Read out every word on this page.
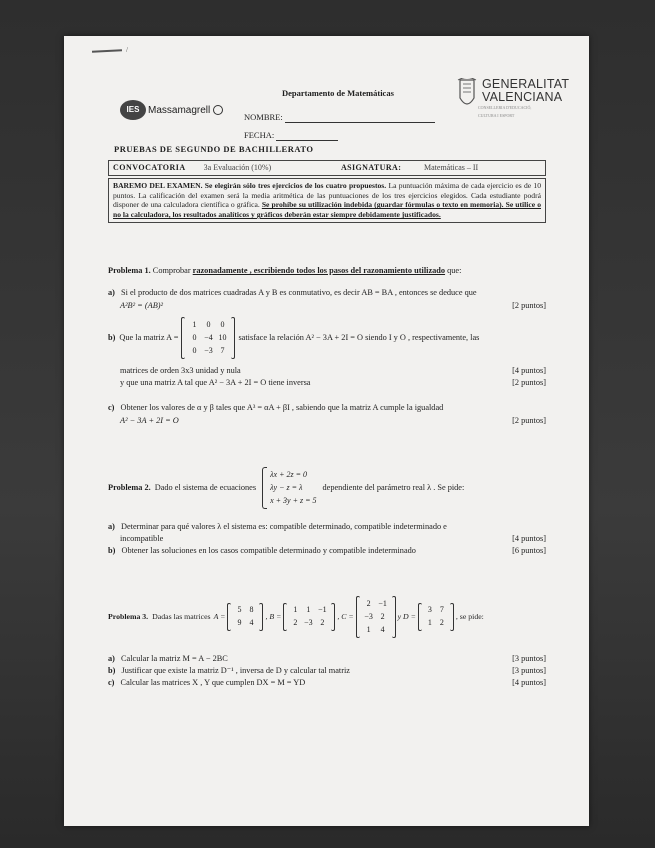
/
IES Massamagrell
Departamento de Matemáticas
NOMBRE:
FECHA:
GENERALITAT
VALENCIANA
CONSELLERIA D'EDUCACIÓ,
CULTURA I ESPORT
PRUEBAS DE SEGUNDO DE BACHILLERATO
CONVOCATORIA 3a Evaluación (10%)	ASIGNATURA:	Matemáticas – II
BAREMO DEL EXAMEN. Se elegirán sólo tres ejercicios de los cuatro propuestos. La puntuación máxima de cada ejercicio es de 10 puntos. La calificación del examen será la media aritmética de las puntuaciones de los tres ejercicios elegidos. Cada estudiante podrá disponer de una calculadora científica o gráfica. Se prohíbe su utilización indebida (guardar fórmulas o texto en memoria). Se utilice o no la calculadora, los resultados analíticos y gráficos deberán estar siempre debidamente justificados.
Problema 1. Comprobar razonadamente , escribiendo todos los pasos del razonamiento utilizado que:
a) Si el producto de dos matrices cuadradas A y B es conmutativo, es decir AB = BA , entonces se deduce que
A²B² = (AB)²	[2 puntos]
b) Que la matriz A =
1	0	0
0 −4 10
0 −3 7
satisface la relación A² − 3A + 2I = O siendo I y O , respectivamente, las
matrices de orden 3x3 unidad y nula	[4 puntos]
y que una matriz A tal que A² − 3A + 2I = O tiene inversa	[2 puntos]
c) Obtener los valores de α y β tales que A³ = αA + βI , sabiendo que la matriz A cumple la igualdad
A² − 3A + 2I = O	[2 puntos]
Problema 2. Dado el sistema de ecuaciones
λx + 2z = 0
λy − z = λ
x + 3y + z = 5
dependiente del parámetro real λ . Se pide:
a) Determinar para qué valores λ el sistema es: compatible determinado, compatible indeterminado e
incompatible	[4 puntos]
b) Obtener las soluciones en los casos compatible determinado y compatible indeterminado	[6 puntos]
Problema 3. Dadas las matrices A =
5	8
9	4
, B =
1	1 −1
2 −3 2
, C =
2 −1
−3 2
1	4
y D =
3	7
1	2
, se pide:
a) Calcular la matriz M = A − 2BC	[3 puntos]
b) Justificar que existe la matriz D⁻¹ , inversa de D y calcular tal matriz	[3 puntos]
c) Calcular las matrices X , Y que cumplen DX = M = YD	[4 puntos]
